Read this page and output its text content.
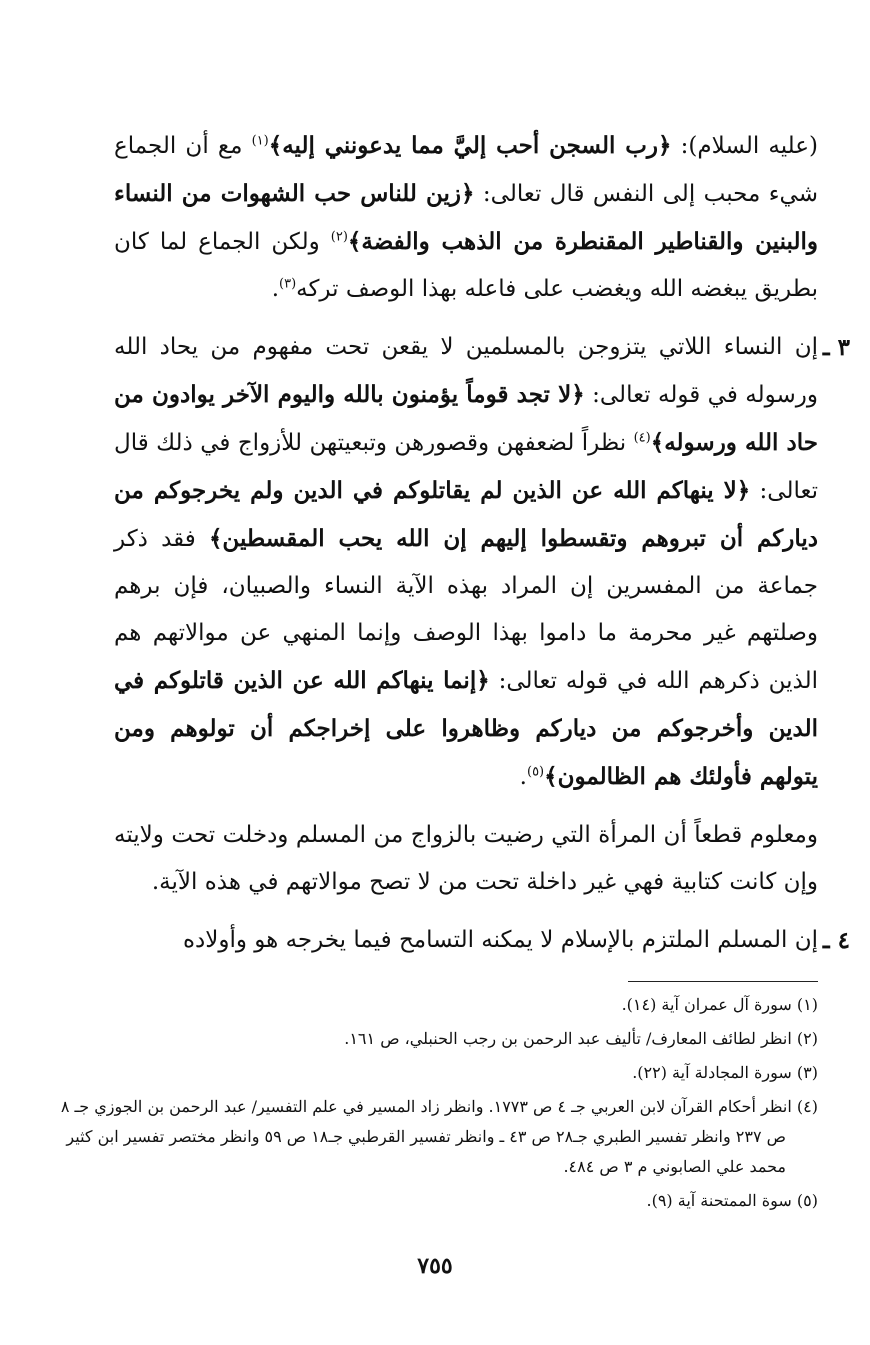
(عليه السلام): ﴿رب السجن أحب إليَّ مما يدعونني إليه﴾$^{(١)}$ مع أن الجماع شيء محبب إلى النفس قال تعالى: ﴿زين للناس حب الشهوات من النساء والبنين والقناطير المقنطرة من الذهب والفضة﴾$^{(٢)}$ ولكن الجماع لما كان بطريق يبغضه الله ويغضب على فاعله بهذا الوصف تركه$^{(٣)}$.

٣ ـ
إن النساء اللاتي يتزوجن بالمسلمين لا يقعن تحت مفهوم من يحاد الله ورسوله في قوله تعالى: ﴿لا تجد قوماً يؤمنون بالله واليوم الآخر يوادون من حاد الله ورسوله﴾$^{(٤)}$ نظراً لضعفهن وقصورهن وتبعيتهن للأزواج في ذلك قال تعالى: ﴿لا ينهاكم الله عن الذين لم يقاتلوكم في الدين ولم يخرجوكم من دياركم أن تبروهم وتقسطوا إليهم إن الله يحب المقسطين﴾ فقد ذكر جماعة من المفسرين إن المراد بهذه الآية النساء والصبيان، فإن برهم وصلتهم غير محرمة ما داموا بهذا الوصف وإنما المنهي عن موالاتهم هم الذين ذكرهم الله في قوله تعالى: ﴿إنما ينهاكم الله عن الذين قاتلوكم في الدين وأخرجوكم من دياركم وظاهروا على إخراجكم أن تولوهم ومن يتولهم فأولئك هم الظالمون﴾$^{(٥)}$.

ومعلوم قطعاً أن المرأة التي رضيت بالزواج من المسلم ودخلت تحت ولايته وإن كانت كتابية فهي غير داخلة تحت من لا تصح موالاتهم في هذه الآية.

٤ ـ
إن المسلم الملتزم بالإسلام لا يمكنه التسامح فيما يخرجه هو وأولاده

(١) سورة آل عمران آية (١٤).
(٢) انظر لطائف المعارف/ تأليف عبد الرحمن بن رجب الحنبلي، ص ١٦١.
(٣) سورة المجادلة آية (٢٢).
(٤) انظر أحكام القرآن لابن العربي جـ ٤ ص ١٧٧٣. وانظر زاد المسير في علم التفسير/ عبد الرحمن بن الجوزي جـ ٨ ص ٢٣٧ وانظر تفسير الطبري جـ٢٨ ص ٤٣ ـ وانظر تفسير القرطبي جـ١٨ ص ٥٩ وانظر مختصر تفسير ابن كثير محمد علي الصابوني م ٣ ص ٤٨٤.
(٥) سوة الممتحنة آية (٩).
٧٥٥
